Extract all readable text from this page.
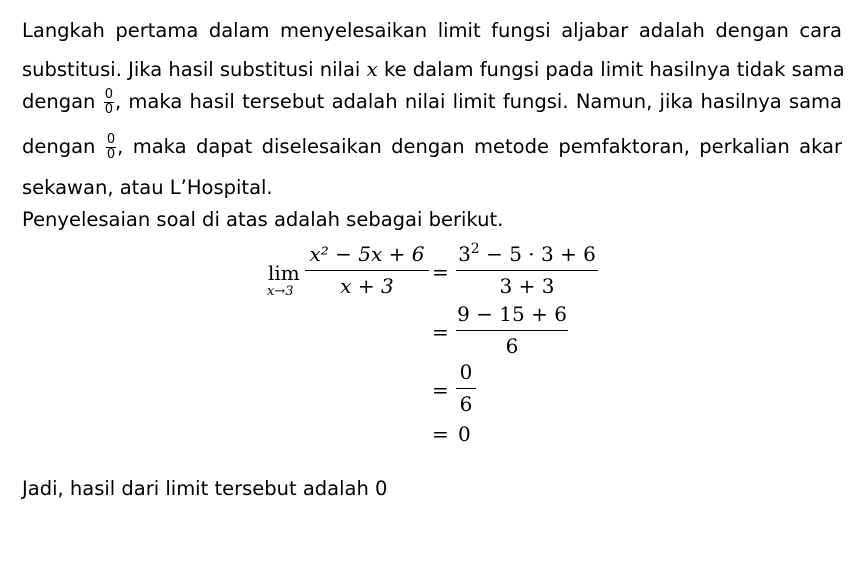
Langkah pertama dalam menyelesaikan limit fungsi aljabar adalah dengan cara

substitusi. Jika hasil substitusi nilai x ke dalam fungsi pada limit hasilnya tidak sama

dengan $\frac{0}{0}$ , maka hasil tersebut adalah nilai limit fungsi. Namun, jika hasilnya sama

dengan $\frac{0}{0}$ , maka dapat diselesaikan dengan metode pemfaktoran, perkalian akar

sekawan, atau L’Hospital.

Penyelesaian soal di atas adalah sebagai berikut.

lim
x→3
x² − 5x + 6
x + 3
=
$3^2 - 5 \cdot 3 + 6$
3 + 3
=
9 − 15 + 6
6
=
0
6
= 0

Jadi, hasil dari limit tersebut adalah 0
